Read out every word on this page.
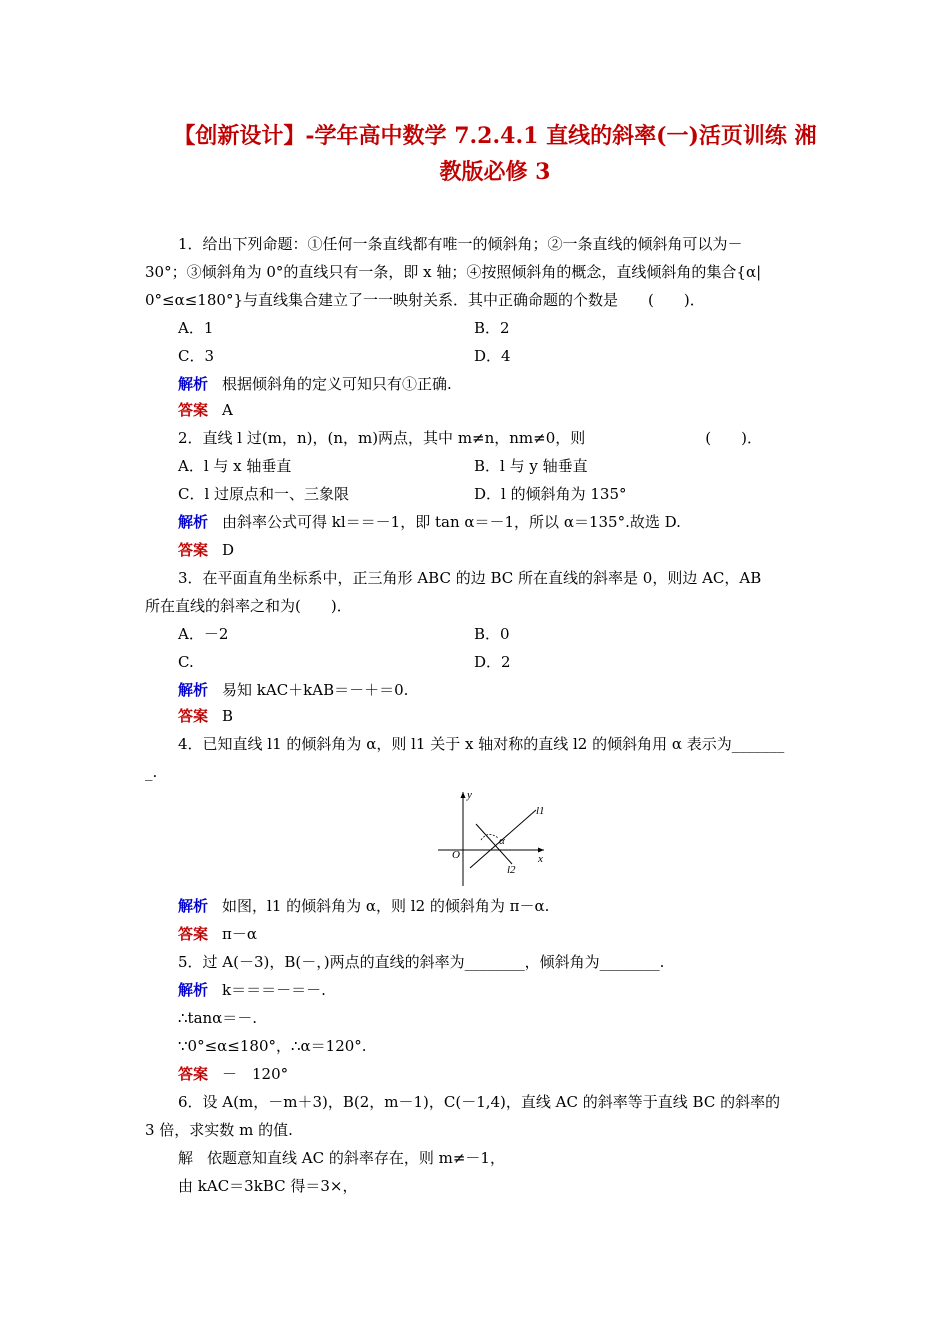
【创新设计】-学年高中数学 7.2.4.1 直线的斜率(一)活页训练 湘
教版必修 3
1．给出下列命题：①任何一条直线都有唯一的倾斜角；②一条直线的倾斜角可以为－
30°；③倾斜角为 0°的直线只有一条，即 x 轴；④按照倾斜角的概念，直线倾斜角的集合{α|
0°≤α≤180°}与直线集合建立了一一映射关系．其中正确命题的个数是　　(　　)．
A．1	B．2
C．3	D．4
解析 根据倾斜角的定义可知只有①正确.
答案 A
2．直线 l 过(m，n)，(n，m)两点，其中 m≠n，nm≠0，则　　　　　　　　(　　)．
A．l 与 x 轴垂直	B．l 与 y 轴垂直
C．l 过原点和一、三象限	D．l 的倾斜角为 135°
解析 由斜率公式可得 kl＝＝－1，即 tan α＝－1，所以 α＝135°.故选 D.
答案 D
3．在平面直角坐标系中，正三角形 ABC 的边 BC 所在直线的斜率是 0，则边 AC，AB
所在直线的斜率之和为(　　)．
A．－2	B．0
C.	D．2
解析 易知 kAC＋kAB＝－＋＝0.
答案 B
4．已知直线 l1 的倾斜角为 α，则 l1 关于 x 轴对称的直线 l2 的倾斜角用 α 表示为_______
_.
y
x
O
l1
l2
α
解析 如图，l1 的倾斜角为 α，则 l2 的倾斜角为 π－α.
答案 π－α
5．过 A(－3)，B(－，)两点的直线的斜率为________，倾斜角为________.
解析 k＝＝＝－＝－.
∴tanα＝－.
∵0°≤α≤180°，∴α＝120°.
答案 －　120°
6．设 A(m，－m＋3)，B(2，m－1)，C(－1,4)，直线 AC 的斜率等于直线 BC 的斜率的
3 倍，求实数 m 的值.
解 依题意知直线 AC 的斜率存在，则 m≠－1，
由 kAC＝3kBC 得＝3×，
